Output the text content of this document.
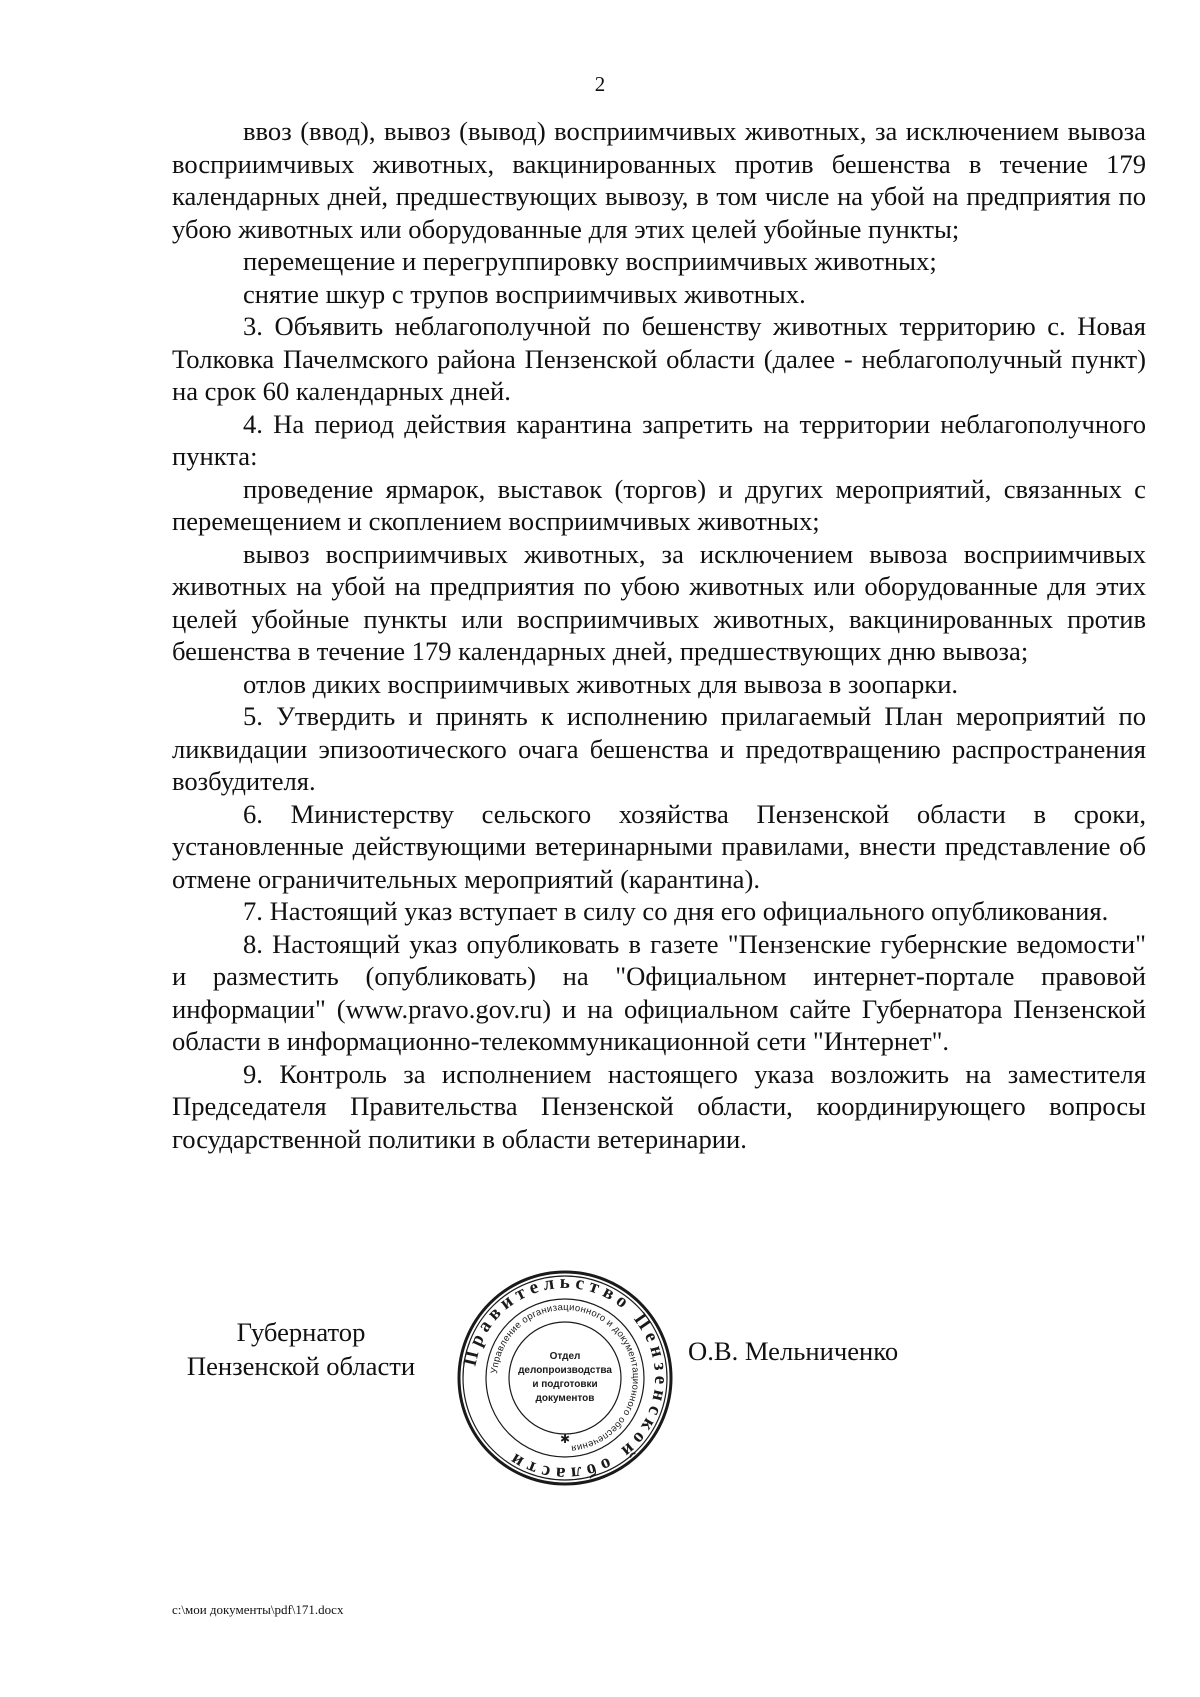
2

ввоз (ввод), вывоз (вывод) восприимчивых животных, за исключением вывоза восприимчивых животных, вакцинированных против бешенства в течение 179 календарных дней, предшествующих вывозу, в том числе на убой на предприятия по убою животных или оборудованные для этих целей убойные пункты;

перемещение и перегруппировку восприимчивых животных;

снятие шкур с трупов восприимчивых животных.

3. Объявить неблагополучной по бешенству животных территорию с. Новая Толковка Пачелмского района Пензенской области (далее - неблагополучный пункт) на срок 60 календарных дней.

4. На период действия карантина запретить на территории неблагополучного пункта:

проведение ярмарок, выставок (торгов) и других мероприятий, связанных с перемещением и скоплением восприимчивых животных;

вывоз восприимчивых животных, за исключением вывоза восприимчивых животных на убой на предприятия по убою животных или оборудованные для этих целей убойные пункты или восприимчивых животных, вакцинированных против бешенства в течение 179 календарных дней, предшествующих дню вывоза;

отлов диких восприимчивых животных для вывоза в зоопарки.

5. Утвердить и принять к исполнению прилагаемый План мероприятий по ликвидации эпизоотического очага бешенства и предотвращению распространения возбудителя.

6. Министерству сельского хозяйства Пензенской области в сроки, установленные действующими ветеринарными правилами, внести представление об отмене ограничительных мероприятий (карантина).

7. Настоящий указ вступает в силу со дня его официального опубликования.

8. Настоящий указ опубликовать в газете "Пензенские губернские ведомости" и разместить (опубликовать) на "Официальном интернет-портале правовой информации" (www.pravo.gov.ru) и на официальном сайте Губернатора Пензенской области в информационно-телекоммуникационной сети "Интернет".

9. Контроль за исполнением настоящего указа возложить на заместителя Председателя Правительства Пензенской области, координирующего вопросы государственной политики в области ветеринарии.

Губернатор
Пензенской области	Правительство Пензенской области
Управление организационного и документационного обеспечения
Отдел
делопроизводства
и подготовки
документов
✱
О.В. Мельниченко
c:\мои документы\pdf\171.docx
